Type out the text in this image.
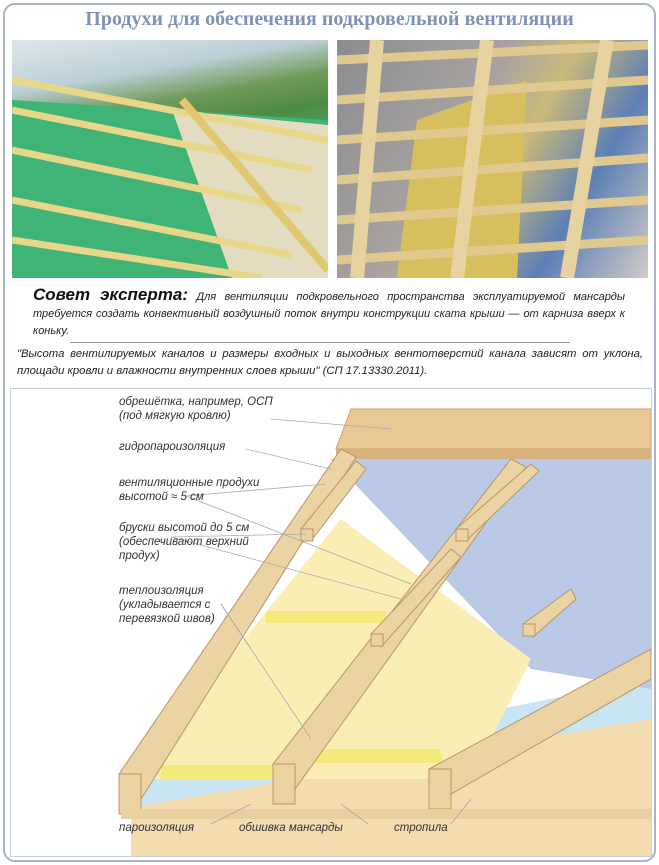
Продухи для обеспечения подкровельной вентиляции
Совет эксперта: Для вентиляции подкровельного пространства эксплуатируемой мансарды требуется создать конвективный воздушный поток внутри конструкции ската крыши — от карниза вверх к коньку.
"Высота вентилируемых каналов и размеры входных и выходных вентотверстий канала зависят от уклона, площади кровли и влажности внутренних слоев крыши" (СП 17.13330.2011).
обрешётка, например, ОСП
(под мягкую кровлю)
гидропароизоляция
вентиляционные продухи
высотой ≈ 5 см
бруски высотой до 5 см
(обеспечивают верхний
продух)
теплоизоляция
(укладывается с
перевязкой швов)
пароизоляция	обшивка мансарды	стропила
